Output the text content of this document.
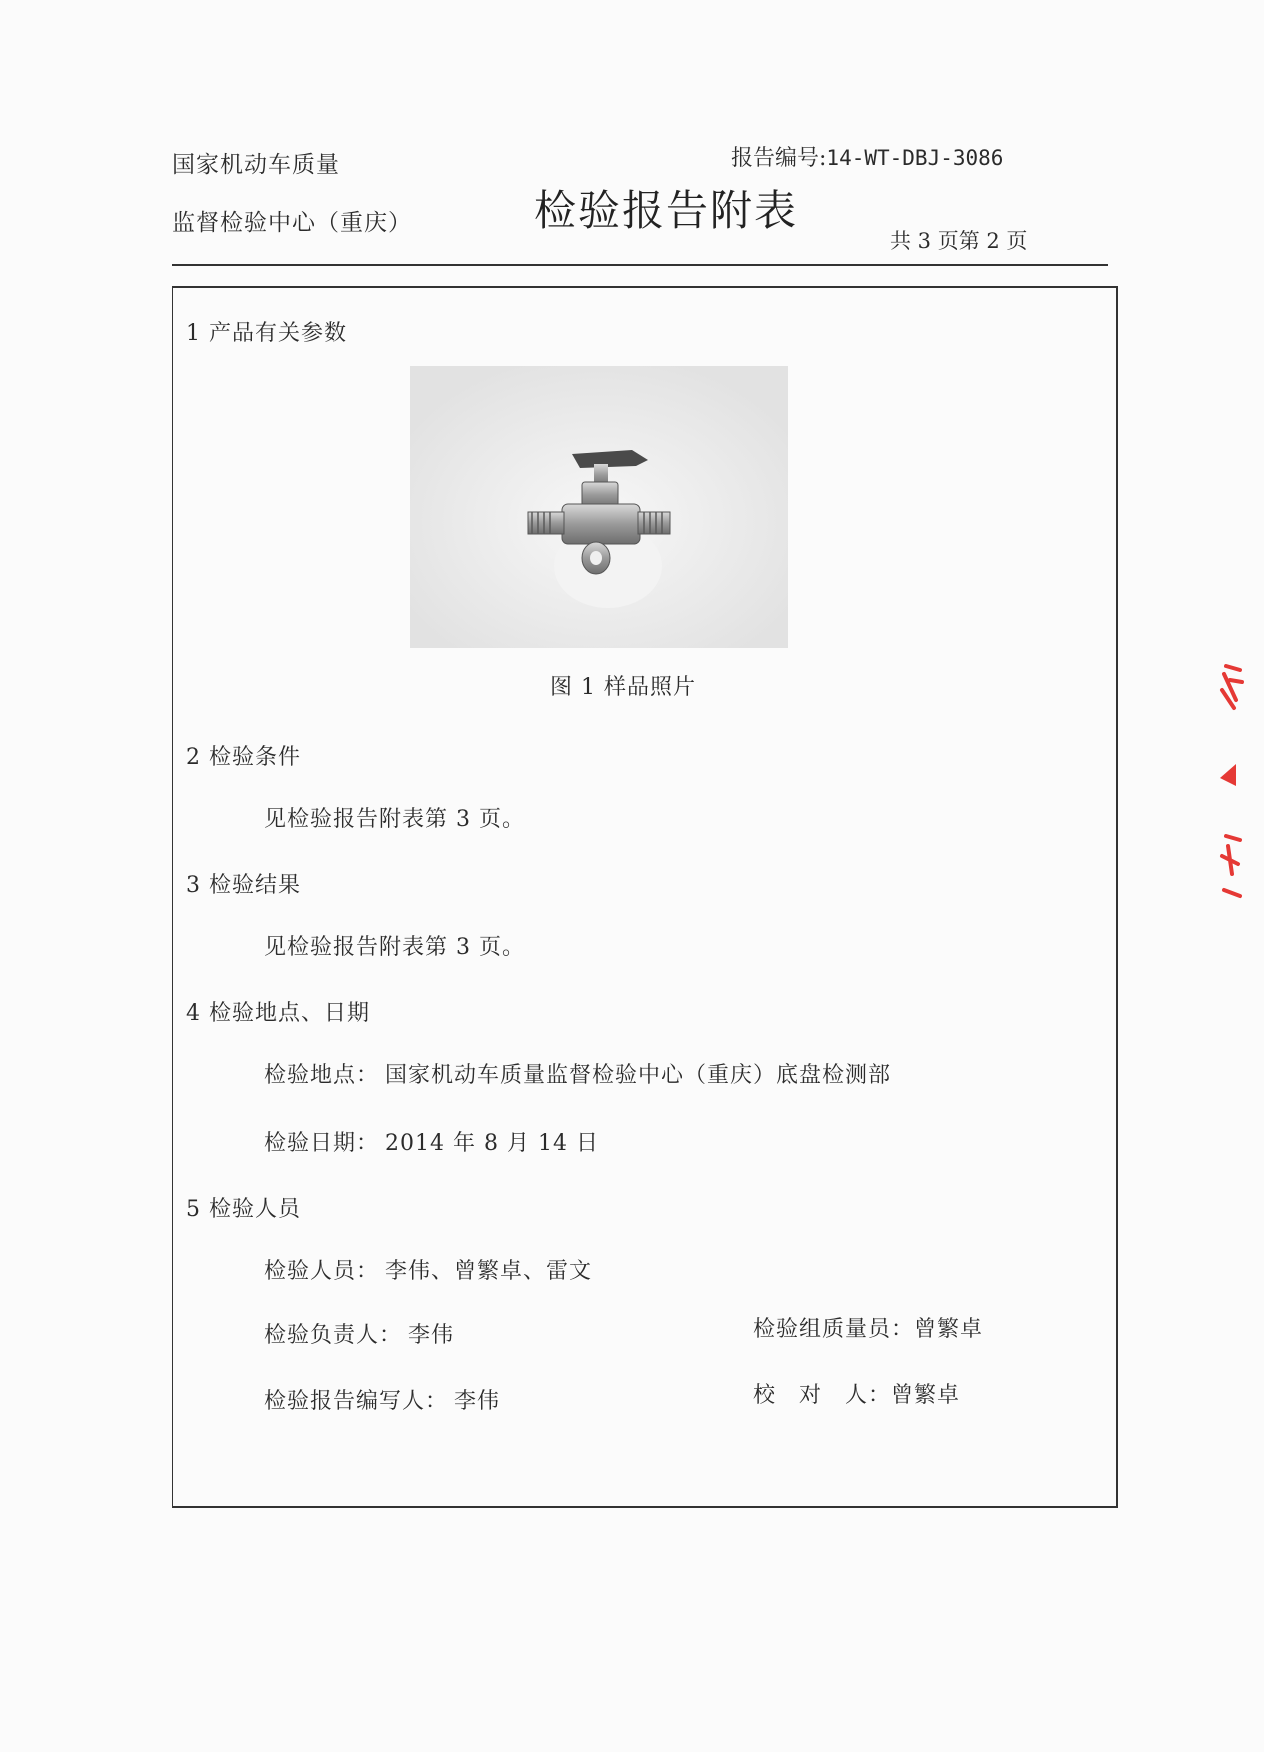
国家机动车质量
监督检验中心（重庆）	检验报告附表
报告编号:14-WT-DBJ-3086
共 3 页第 2 页
1 产品有关参数
图 1 样品照片
2 检验条件
见检验报告附表第 3 页。
3 检验结果
见检验报告附表第 3 页。
4 检验地点、日期
检验地点： 国家机动车质量监督检验中心（重庆）底盘检测部
检验日期： 2014 年 8 月 14 日
5 检验人员
检验人员： 李伟、曾繁卓、雷文
检验负责人： 李伟	检验组质量员：曾繁卓
检验报告编写人： 李伟	校　对　人：曾繁卓
